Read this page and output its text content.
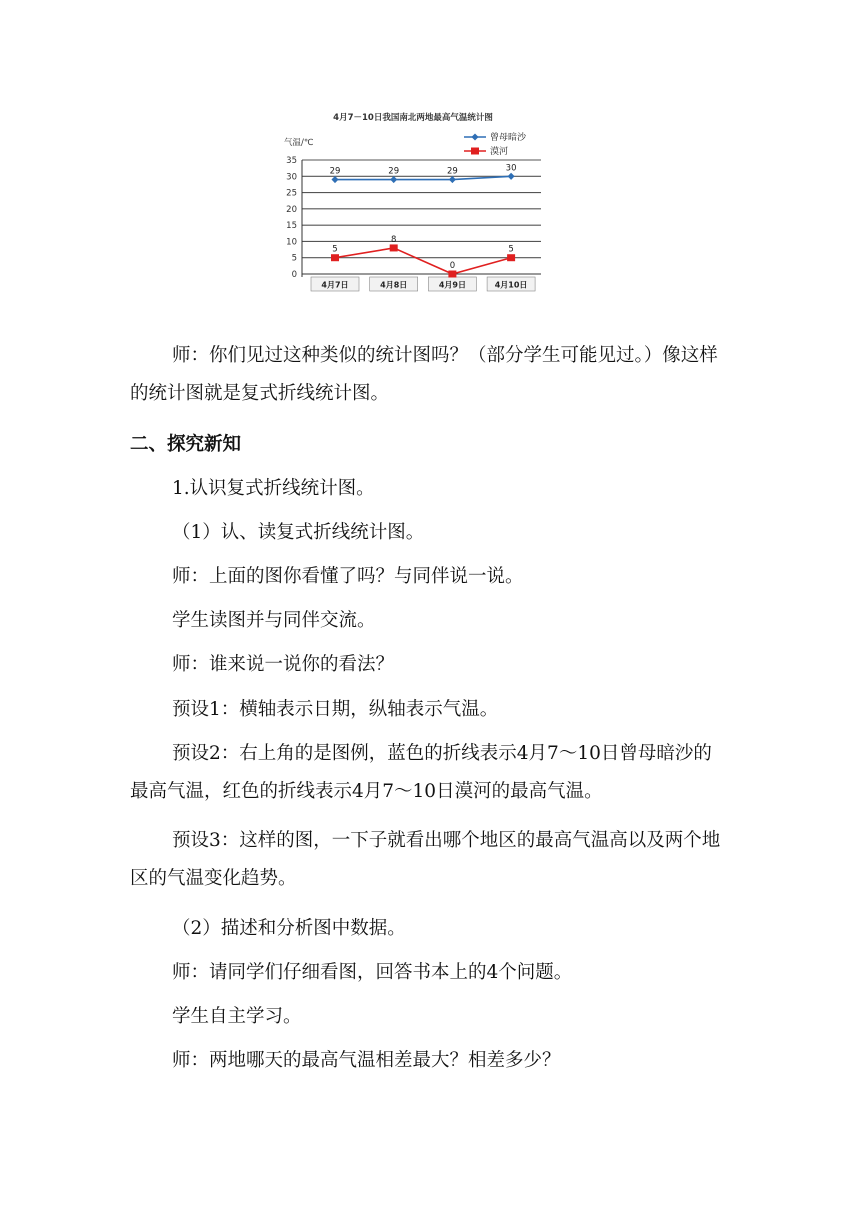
4月7－10日我国南北两地最高气温统计图
气温/℃
0
5
10
15
20
25
30
35
4月7日	4月8日	4月9日	4月10日
29	29	29	30
5
8
0
5
曾母暗沙
漠河

师：你们见过这种类似的统计图吗？（部分学生可能见过。）像这样的统计图就是复式折线统计图。

二、探究新知

1.认识复式折线统计图。

（1）认、读复式折线统计图。

师：上面的图你看懂了吗？与同伴说一说。

学生读图并与同伴交流。

师：谁来说一说你的看法？

预设1：横轴表示日期，纵轴表示气温。

预设2：右上角的是图例，蓝色的折线表示4月7～10日曾母暗沙的最高气温，红色的折线表示4月7～10日漠河的最高气温。

预设3：这样的图，一下子就看出哪个地区的最高气温高以及两个地区的气温变化趋势。

（2）描述和分析图中数据。

师：请同学们仔细看图，回答书本上的4个问题。

学生自主学习。

师：两地哪天的最高气温相差最大？相差多少？
